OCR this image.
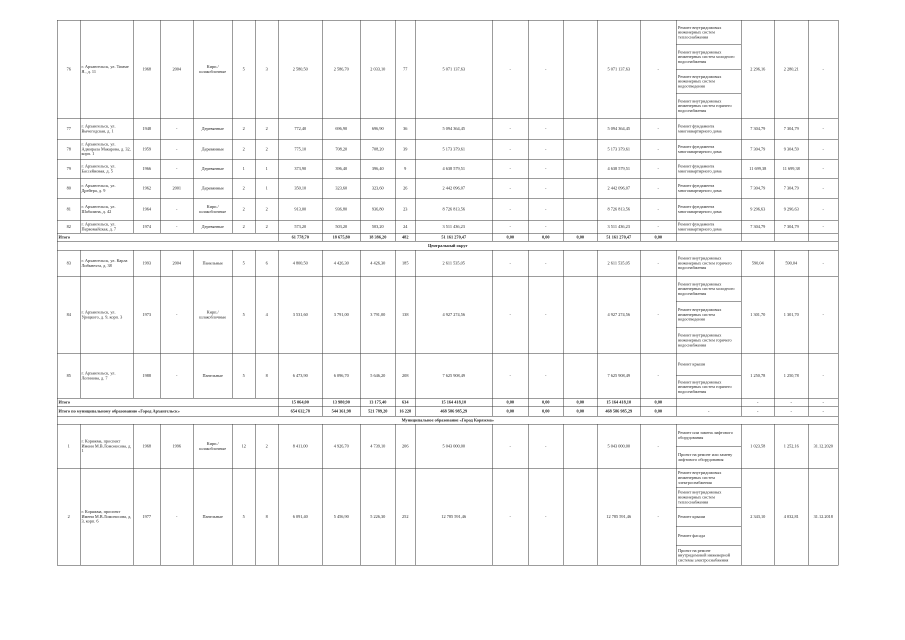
76	г. Архангельск, ул. Тимме Я., д. 11	1968	2004	Кирп./ шлакоблочные	5	3	2 580,50	2 586,70	2 033,10	77	5 071 137,63	-	-		5 071 137,63	-	Ремонт внутридомовых инженерных систем теплоснабжения
Ремонт внутридомовых инженерных систем холодного водоснабжения
Ремонт внутридомовых инженерных систем водоотведения
Ремонт внутридомовых инженерных систем горячего водоснабжения	2 296,16	2 280,21	-
77	г. Архангельск, ул. Вычегодская, д. 1	1948	-	Деревянные	2	2	772,40	696,90	696,90	36	5 094 364,45	-	-		5 094 364,45	-	Ремонт фундамента многоквартирного дома	7 304,79	7 304,79	-
78	г. Архангельск, ул. Адмирала Макарова, д. 32, корп. 1	1959	-	Деревянные	2	2	775,10	708,20	708,20	39	5 173 379,61	-	-		5 173 379,61	-	Ремонт фундамента многоквартирного дома	7 304,79	9 304,59	-
79	г. Архангельск, ул. Бассейновая, д. 5	1966	-	Деревянные	1	1	373,90	396,40	396,40	9	4 638 579,51	-	-		4 638 579,51	-	Ремонт фундамента многоквартирного дома	11 699,38	11 699,38	-
80	г. Архангельск, ул. Дрейера, д. 9	1962	2001	Деревянные	2	1	350,10	323,60	323,60	26	2 442 096,07	-	-		2 442 096,07	-	Ремонт фундамента многоквартирного дома	7 304,79	7 304,79	-
81	г. Архангельск, ул. Шабалина, д. 42	1964	-	Кирп./ шлакоблочные	2	2	913,00	936,80	936,80	23	8 726 813,56	-	-		8 726 813,56	-	Ремонт фундамента многоквартирного дома	9 296,63	9 296,63	-
82	г. Архангельск, ул. Первомайская, д. 7	1974	-	Деревянные	2	2	573,20	503,20	503,20	24	3 511 436,23	-	-		3 511 436,23	-	Ремонт фундамента многоквартирного дома	7 304,79	7 304,79	-
Итого							61 778,70	18 675,80	18 386,20	482	51 161 270,47	0,00	0,00	0,00	51 161 270,47	0,00				
Центральный округ																				
83	г. Архангельск, ул. Карла Либкнехта, д. 38	1993	2004	Панельные	5	6	4 800,50	4 426,30	4 426,30	185	2 611 535,05	-	-		2 611 535,05	-	Ремонт внутридомовых инженерных систем горячего водоснабжения	590,04	590,04	-
84	г. Архангельск, ул. Урицкого, д. 9, корп. 3	1973	-	Кирп./ шлакоблочные	5	4	3 531,60	3 791,00	3 791,00	138	4 927 274,56	-	-		4 927 274,56	-	Ремонт внутридомовых инженерных систем холодного водоснабжения
Ремонт внутридомовых инженерных систем водоотведения
Ремонт внутридомовых инженерных систем горячего водоснабжения	1 301,70	1 301,70	-
85	г. Архангельск, ул. Логинова, д. 7	1988	-	Панельные	5	8	6 473,90	6 096,70	5 646,20	208	7 625 908,49	-	-		7 625 908,49	-	Ремонт крыши
Ремонт внутридомовых инженерных систем горячего водоснабжения	1 250,78	1 250,78	-
Итого							15 064,00	13 980,90	13 175,40	634	15 164 418,10	0,00	0,00	0,00	15 164 418,10	0,00		-	-	-
Итого по муниципальному образованию «Город Архангельск»							654 632,78	544 361,98	521 789,20	16 228	468 586 985,29	0,00	0,00	0,00	468 586 985,29	0,00	-	-	-	-
Муниципальное образование «Город Коряжма»																				
1	г. Коряжма, проспект Имени М.В.Ломоносова, д. 1	1968	1996	Кирп./ шлакоблочные	12	2	8 411,00	4 926,70	4 739,10	206	5 043 000,00	-	-		5 043 000,00	-	Ремонт или замена лифтового оборудования
Проект на ремонт или замену лифтового оборудования	1 023,58	1 252,16	31.12.2020
2	г. Коряжма, проспект Имени М.В.Ломоносова, д. 3, корп. 6	1977	-	Панельные	5	8	6 091,40	5 456,90	5 226,30	252	12 785 591,46	-	-		12 785 591,46	-	Ремонт внутридомовых инженерных систем электроснабжения
Ремонт внутридомовых инженерных систем теплоснабжения
Ремонт крыши
Ремонт фасада
Проект на ремонт внутридомовой инженерной системы электроснабжения	2 343,10	4 032,81	31.12.2018
